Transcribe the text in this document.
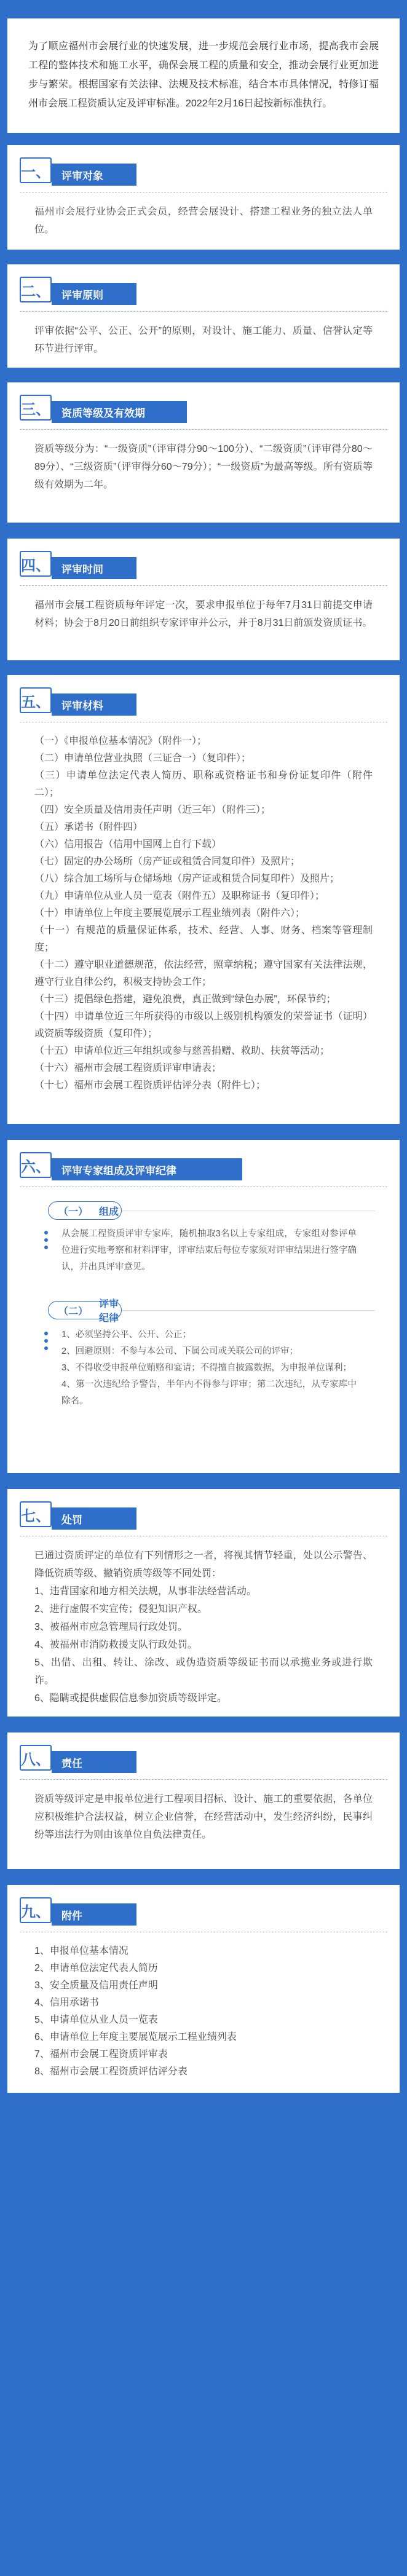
为了顺应福州市会展行业的快速发展，进一步规范会展行业市场，提高我市会展工程的整体技术和施工水平，确保会展工程的质量和安全，推动会展行业更加进步与繁荣。根据国家有关法律、法规及技术标准，结合本市具体情况，特修订福州市会展工程资质认定及评审标准。2022年2月16日起按新标准执行。
一、	评审对象

福州市会展行业协会正式会员，经营会展设计、搭建工程业务的独立法人单位。

二、	评审原则

评审依据“公平、公正、公开”的原则，对设计、施工能力、质量、信誉认定等环节进行评审。

三、	资质等级及有效期

资质等级分为：“一级资质”（评审得分90～100分）、“二级资质”（评审得分80～89分）、“三级资质”（评审得分60～79分）；“一级资质”为最高等级。所有资质等级有效期为二年。

四、	评审时间

福州市会展工程资质每年评定一次，要求申报单位于每年7月31日前提交申请材料；协会于8月20日前组织专家评审并公示，并于8月31日前颁发资质证书。

五、	评审材料

（一）《申报单位基本情况》（附件一）；

（二）申请单位营业执照（三证合一）（复印件）；

（三）申请单位法定代表人简历、职称或资格证书和身份证复印件（附件二）；

（四）安全质量及信用责任声明（近三年）（附件三）；

（五）承诺书（附件四）

（六）信用报告（信用中国网上自行下载）

（七）固定的办公场所（房产证或租赁合同复印件）及照片；

（八）综合加工场所与仓储场地（房产证或租赁合同复印件）及照片；

（九）申请单位从业人员一览表（附件五）及职称证书（复印件）；

（十）申请单位上年度主要展览展示工程业绩列表（附件六）；

（十一）有规范的质量保证体系，技术、经营、人事、财务、档案等管理制度；

（十二）遵守职业道德规范，依法经营，照章纳税；遵守国家有关法律法规，遵守行业自律公约，积极支持协会工作；

（十三）提倡绿色搭建，避免浪费，真正做到“绿色办展”，环保节约；

（十四）申请单位近三年所获得的市级以上级别机构颁发的荣誉证书（证明）或资质等级资质（复印件）；

（十五）申请单位近三年组织或参与慈善捐赠、救助、扶贫等活动；

（十六）福州市会展工程资质评审申请表；

（十七）福州市会展工程资质评估评分表（附件七）；

六、	评审专家组成及评审纪律
（一） 组成

从会展工程资质评审专家库，随机抽取3名以上专家组成，专家组对参评单位进行实地考察和材料评审，评审结束后每位专家须对评审结果进行签字确认，并出具评审意见。

（二）
评审纪律

1、必须坚持公平、公开、公正；

2、回避原则：不参与本公司、下属公司或关联公司的评审；

3、不得收受申报单位贿赂和宴请；不得擅自披露数据，为申报单位谋利；

4、第一次违纪给予警告，半年内不得参与评审；第二次违纪，从专家库中除名。

七、	处罚

已通过资质评定的单位有下列情形之一者，将视其情节轻重，处以公示警告、降低资质等级、撤销资质等级等不同处罚：

1、违背国家和地方相关法规，从事非法经营活动。

2、进行虚假不实宣传；侵犯知识产权。

3、被福州市应急管理局行政处罚。

4、被福州市消防救援支队行政处罚。

5、出借、出租、转让、涂改、或伪造资质等级证书而以承揽业务或进行欺诈。

6、隐瞒或提供虚假信息参加资质等级评定。

八、	责任

资质等级评定是申报单位进行工程项目招标、设计、施工的重要依据，各单位应积极维护合法权益，树立企业信誉，在经营活动中，发生经济纠纷，民事纠纷等违法行为则由该单位自负法律责任。

九、	附件

1、申报单位基本情况

2、申请单位法定代表人简历

3、安全质量及信用责任声明

4、信用承诺书

5、申请单位从业人员一览表

6、申请单位上年度主要展览展示工程业绩列表

7、福州市会展工程资质评审表

8、福州市会展工程资质评估评分表
